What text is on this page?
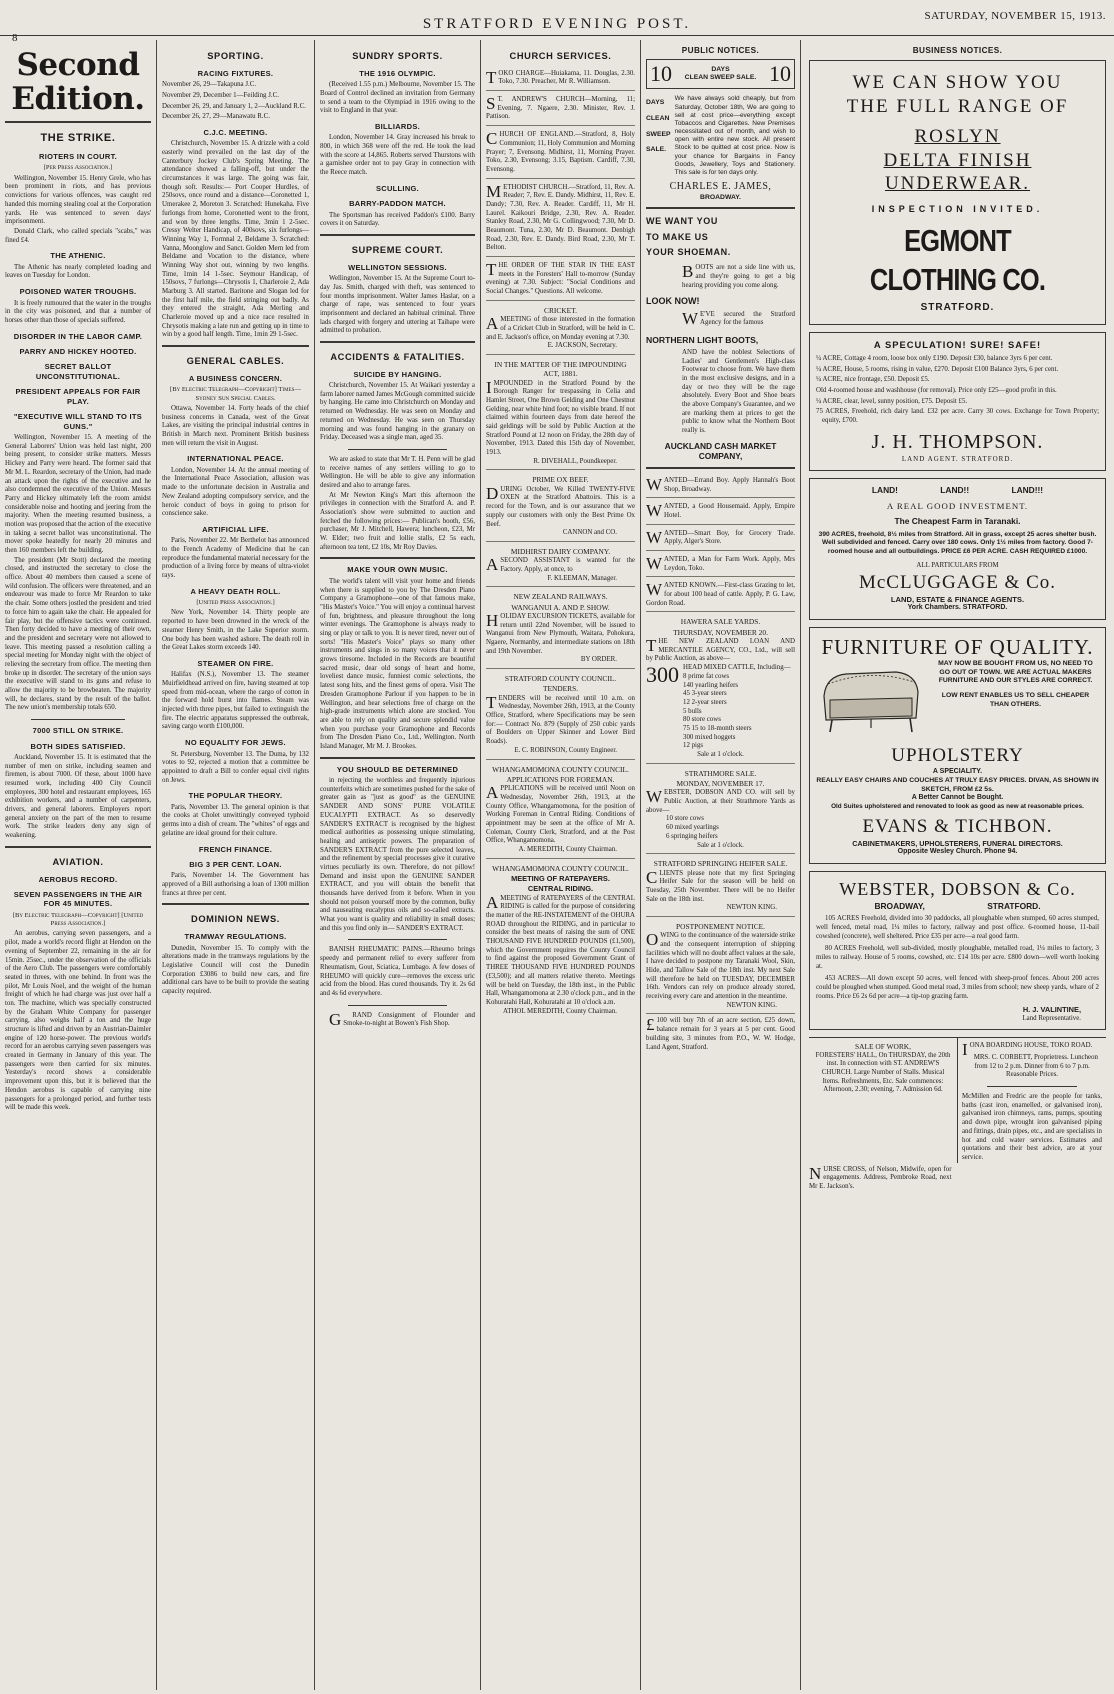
8
STRATFORD EVENING POST.	SATURDAY, NOVEMBER 15, 1913.
Second Edition.
THE STRIKE.
RIOTERS IN COURT.
[Per Press Association.]

Wellington, November 15. Henry Grele, who has been prominent in riots, and has previous convictions for various offences, was caught red handed this morning stealing coal at the Corporation yards. He was sentenced to seven days' imprisonment.

Donald Clark, who called specials "scabs," was fined £4.

THE ATHENIC.

The Athenic has nearly completed loading and leaves on Tuesday for London.

POISONED WATER TROUGHS.

It is freely rumoured that the water in the troughs in the city was poisoned, and that a number of horses other than those of specials suffered.

DISORDER IN THE LABOR CAMP.
PARRY AND HICKEY HOOTED.
SECRET BALLOT UNCONSTITUTIONAL.
PRESIDENT APPEALS FOR FAIR PLAY.
"EXECUTIVE WILL STAND TO ITS GUNS."

Wellington, November 15. A meeting of the General Laborers' Union was held last night, 200 being present, to consider strike matters. Messrs Hickey and Parry were heard. The former said that Mr M. L. Reardon, secretary of the Union, had made an attack upon the rights of the executive and he also condemned the executive of the Union. Messrs Parry and Hickey ultimately left the room amidst considerable noise and hooting and jeering from the majority. When the meeting resumed business, a motion was proposed that the action of the executive in taking a secret ballot was unconstitutional. The mover spoke heatedly for nearly 20 minutes and then 160 members left the building.

The president (Mr Stott) declared the meeting closed, and instructed the secretary to close the office. About 40 members then caused a scene of wild confusion. The officers were threatened, and an endeavour was made to force Mr Reardon to take the chair. Some others jostled the president and tried to force him to again take the chair. He appealed for fair play, but the offensive tactics were continued. Then forty decided to have a meeting of their own, and the president and secretary were not allowed to leave. This meeting passed a resolution calling a special meeting for Monday night with the object of relieving the secretary from office. The meeting then broke up in disorder. The secretary of the union says the executive will stand to its guns and refuse to allow the majority to be browbeaten. The majority will, he declares, stand by the result of the ballot. The new union's membership totals 650.

7000 STILL ON STRIKE.
BOTH SIDES SATISFIED.

Auckland, November 15. It is estimated that the number of men on strike, including seamen and firemen, is about 7000. Of these, about 1000 have resumed work, including 400 City Council employees, 300 hotel and restaurant employees, 165 exhibition workers, and a number of carpenters, drivers, and general laborers. Employers report general anxiety on the part of the men to resume work. The strike leaders deny any sign of weakening.

AVIATION.
AEROBUS RECORD.
SEVEN PASSENGERS IN THE AIR FOR 45 MINUTES.
[By Electric Telegraph—Copyright] [United Press Association.]

An aerobus, carrying seven passengers, and a pilot, made a world's record flight at Hendon on the evening of September 22, remaining in the air for 15min. 25sec., under the observation of the officials of the Aero Club. The passengers were comfortably seated in threes, with one behind. In front was the pilot, Mr Louis Noel, and the weight of the human freight of which he had charge was just over half a ton. The machine, which was specially constructed by the Graham White Company for passenger carrying, also weighs half a ton and the huge structure is lifted and driven by an Austrian-Daimler engine of 120 horse-power. The previous world's record for an aerobus carrying seven passengers was created in Germany in January of this year. The passengers were then carried for six minutes. Yesterday's record shows a considerable improvement upon this, but it is believed that the Hendon aerobus is capable of carrying nine passengers for a prolonged period, and further tests will be made this week.

SPORTING.
RACING FIXTURES.
November 26, 29—Takapuna J.C.
November 29, December 1—Feilding J.C.
December 26, 29, and January 1, 2—Auckland R.C.
December 26, 27, 29—Manawatu R.C.
C.J.C. MEETING.

Christchurch, November 15. A drizzle with a cold easterly wind prevailed on the last day of the Canterbury Jockey Club's Spring Meeting. The attendance showed a falling-off, but under the circumstances it was large. The going was fair, though soft. Results:— Port Cooper Hurdles, of 250sovs, once round and a distance—Coronetted 1, Umerakee 2, Moreton 3. Scratched: Hunekaha. Five furlongs from home, Coronetted went to the front, and won by three lengths. Time, 3min 1 2-5sec. Cressy Welter Handicap, of 400sovs, six furlongs—Winning Way 1, Formnal 2, Beldame 3. Scratched: Vanna, Moonglow and Sanct. Golden Mern led from Beldame and Vocation to the distance, where Winning Way shot out, winning by two lengths. Time, 1min 14 1-5sec. Seymour Handicap, of 150sovs, 7 furlongs—Chrysotis 1, Charleroie 2, Ada Marburg 3. All started. Baritone and Slogan led for the first half mile, the field stringing out badly. As they entered the straight, Ada Merling and Charleroie moved up and a nice race resulted in Chrysotis making a late run and getting up in time to win by a good half length. Time, 1min 29 1-5sec.

GENERAL CABLES.
A BUSINESS CONCERN.
[By Electric Telegraph—Copyright] Times—Sydney Sun Special Cables.

Ottawa, November 14. Forty heads of the chief business concerns in Canada, west of the Great Lakes, are visiting the principal industrial centres in British in March next. Prominent British business men will return the visit in August.

INTERNATIONAL PEACE.

London, November 14. At the annual meeting of the International Peace Association, allusion was made to the unfortunate decision in Australia and New Zealand adopting compulsory service, and the heroic conduct of boys in going to prison for conscience sake.

ARTIFICIAL LIFE.

Paris, November 22. Mr Berthelot has announced to the French Academy of Medicine that he can reproduce the fundamental material necessary for the production of a living force by means of ultra-violet rays.

A HEAVY DEATH ROLL.
[United Press Association.]

New York, November 14. Thirty people are reported to have been drowned in the wreck of the steamer Henry Smith, in the Lake Superior storm. One body has been washed ashore. The death roll in the Great Lakes storm exceeds 140.

STEAMER ON FIRE.

Halifax (N.S.), November 13. The steamer Muirfieldhead arrived on fire, having steamed at top speed from mid-ocean, where the cargo of cotton in the forward hold burst into flames. Steam was injected with three pipes, but failed to extinguish the fire. The electric apparatus suppressed the outbreak, saving cargo worth £100,000.

NO EQUALITY FOR JEWS.

St. Petersburg, November 13. The Duma, by 132 votes to 92, rejected a motion that a committee be appointed to draft a Bill to confer equal civil rights on Jews.

THE POPULAR THEORY.

Paris, November 13. The general opinion is that the cooks at Cholet unwittingly conveyed typhoid germs into a dish of cream. The "whites" of eggs and gelatine are ideal ground for their culture.

FRENCH FINANCE.
BIG 3 PER CENT. LOAN.

Paris, November 14. The Government has approved of a Bill authorising a loan of 1300 million francs at three per cent.

DOMINION NEWS.
TRAMWAY REGULATIONS.

Dunedin, November 15. To comply with the alterations made in the tramways regulations by the Legislative Council will cost the Dunedin Corporation £3086 to build new cars, and fire additional cars have to be built to provide the seating capacity required.

SUNDRY SPORTS.
THE 1916 OLYMPIC.

(Received 1.55 p.m.) Melbourne, November 15. The Board of Control declined an invitation from Germany to send a team to the Olympiad in 1916 owing to the visit to England in that year.

BILLIARDS.

London, November 14. Gray increased his break to 800, in which 368 were off the red. He took the lead with the score at 14,865. Roberts served Thurstons with a garnishee order not to pay Gray in connection with the Reece match.

SCULLING.
BARRY-PADDON MATCH.

The Sportsman has received Paddon's £100. Barry covers it on Saturday.

SUPREME COURT.
WELLINGTON SESSIONS.

Wellington, November 15. At the Supreme Court to-day Jas. Smith, charged with theft, was sentenced to four months imprisonment. Walter James Haslar, on a charge of rape, was sentenced to four years imprisonment and declared an habitual criminal. Three lads charged with forgery and uttering at Taihape were admitted to probation.

ACCIDENTS & FATALITIES.
SUICIDE BY HANGING.

Christchurch, November 15. At Waikari yesterday a farm laborer named James McGough committed suicide by hanging. He came into Christchurch on Monday and returned on Wednesday. He was seen on Monday and returned on Wednesday. He was seen on Thursday morning and was found hanging in the granary on Friday. Deceased was a single man, aged 35.

We are asked to state that Mr T. H. Penn will be glad to receive names of any settlers willing to go to Wellington. He will be able to give any information desired and also to arrange fares.

At Mr Newton King's Mart this afternoon the privileges in connection with the Stratford A. and P. Association's show were submitted to auction and fetched the following prices:— Publican's booth, £56, purchaser, Mr J. Mitchell, Hawera; luncheon, £23, Mr W. Elder; two fruit and lollie stalls, £2 5s each, afternoon tea tent, £2 10s, Mr Roy Davies.

MAKE YOUR OWN MUSIC.

The world's talent will visit your home and friends when there is supplied to you by The Dresden Piano Company a Gramophone—one of that famous make, "His Master's Voice." You will enjoy a continual harvest of fun, brightness, and pleasure throughout the long winter evenings. The Gramophone is always ready to sing or play or talk to you. It is never tired, never out of sorts! "His Master's Voice" plays so many other instruments and sings in so many voices that it never grows tiresome. Included in the Records are beautiful sacred music, dear old songs of heart and home, loveliest dance music, funniest comic selections, the latest song hits, and the finest gems of opera. Visit The Dresden Gramophone Parlour if you happen to be in Wellington, and hear selections free of charge on the high-grade instruments which alone are stocked. You are able to rely on quality and secure splendid value when you purchase your Gramophone and Records from The Dresden Piano Co., Ltd., Wellington. North Island Manager, Mr M. J. Brookes.

YOU SHOULD BE DETERMINED

in rejecting the worthless and frequently injurious counterfeits which are sometimes pushed for the sake of greater gain as "just as good" as the GENUINE SANDER AND SONS' PURE VOLATILE EUCALYPTI EXTRACT. As so deservedly SANDER'S EXTRACT is recognised by the highest medical authorities as possessing unique stimulating, healing and antiseptic powers. The preparation of SANDER'S EXTRACT from the pure selected leaves, and the refinement by special processes give it curative virtues peculiarly its own. Therefore, do not pillow! Demand and insist upon the GENUINE SANDER EXTRACT, and you will obtain the benefit that thousands have derived from it before. When in you should not poison yourself more by the common, bulky and nauseating eucalyptus oils and so-called extracts. What you want is quality and reliability in small doses; and this you find only in— SANDER'S EXTRACT.

BANISH RHEUMATIC PAINS.—Rheumo brings speedy and permanent relief to every sufferer from Rheumatism, Gout, Sciatica, Lumbago. A few doses of RHEUMO will quickly cure—removes the excess uric acid from the blood. Has cured thousands. Try it. 2s 6d and 4s 6d everywhere.

GRAND Consignment of Flounder and Smoke-to-night at Bowen's Fish Shop.

CHURCH SERVICES.

TOKO CHARGE—Huiakama, 11. Douglas, 2.30. Toko, 7.30. Preacher, Mr R. Williamson.

ST. ANDREW'S CHURCH—Morning, 11; Evening, 7. Ngaere, 2.30. Minister, Rev. J. Pattison.

CHURCH OF ENGLAND.—Stratford, 8, Holy Communion; 11, Holy Communion and Morning Prayer; 7, Evensong. Midhirst, 11, Morning Prayer. Toko, 2.30, Evensong; 3.15, Baptism. Cardiff, 7.30, Evensong.

METHODIST CHURCH.—Stratford, 11, Rev. A. Reader; 7, Rev. E. Dandy. Midhirst, 11, Rev. E. Dandy; 7.30, Rev. A. Reader. Cardiff, 11, Mr H. Laurel. Kaikouri Bridge, 2.30, Rev. A. Reader. Stanley Road, 2.30, Mr G. Collingwood; 7.30, Mr D. Beaumont. Tuna, 2.30, Mr D. Beaumont. Denbigh Road, 2.30, Rev. E. Dandy. Bird Road, 2.30, Mr T. Belton.

THE ORDER OF THE STAR IN THE EAST meets in the Foresters' Hall to-morrow (Sunday evening) at 7.30. Subject: "Social Conditions and Social Changes." Questions. All welcome.

CRICKET.

AMEETING of those interested in the formation of a Cricket Club in Stratford, will be held in C. and E. Jackson's office, on Monday evening at 7.30.

E. JACKSON, Secretary.
IN THE MATTER OF THE IMPOUNDING ACT, 1881.

IMPOUNDED in the Stratford Pound by the Borough Ranger for trespassing in Celia and Hamlet Street, One Brown Gelding and One Chestnut Gelding, near white hind foot; no visible brand. If not claimed within fourteen days from date hereof the said geldings will be sold by Public Auction at the Stratford Pound at 12 noon on Friday, the 28th day of November, 1913. Dated this 15th day of November, 1913.

R. DIVEHALL, Poundkeeper.
PRIME OX BEEF.

DURING October, We Killed TWENTY-FIVE OXEN at the Stratford Abattoirs. This is a record for the Town, and is our assurance that we supply our customers with only the Best Prime Ox Beef.

CANNON and CO.
MIDHIRST DAIRY COMPANY.

ASECOND ASSISTANT is wanted for the Factory. Apply, at once, to

F. KLEEMAN, Manager.
NEW ZEALAND RAILWAYS.
WANGANUI A. AND P. SHOW.

HOLIDAY EXCURSION TICKETS, available for return until 22nd November, will be issued to Wanganui from New Plymouth, Waitara, Pohokura, Ngaere, Normanby, and intermediate stations on 18th and 19th November.

BY ORDER.
STRATFORD COUNTY COUNCIL.
TENDERS.

TENDERS will be received until 10 a.m. on Wednesday, November 26th, 1913, at the County Office, Stratford, where Specifications may be seen for:— Contract No. 879 (Supply of 250 cubic yards of Boulders on Upper Skinner and Lower Bird Roads).

E. C. ROBINSON, County Engineer.
WHANGAMOMONA COUNTY COUNCIL.
APPLICATIONS FOR FOREMAN.

APPLICATIONS will be received until Noon on Wednesday, November 26th, 1913, at the County Office, Whangamomona, for the position of Working Foreman in Central Riding. Conditions of appointment may be seen at the office of Mr A. Coleman, County Clerk, Stratford, and at the Post Office, Whangamomona.

A. MEREDITH, County Chairman.
WHANGAMOMONA COUNTY COUNCIL.
MEETING OF RATEPAYERS.
CENTRAL RIDING.

AMEETING of RATEPAYERS of the CENTRAL RIDING is called for the purpose of considering the matter of the RE-INSTATEMENT of the OHURA ROAD throughout the RIDING, and in particular to consider the best means of raising the sum of ONE THOUSAND FIVE HUNDRED POUNDS (£1,500), which the Government requires the County Council to find against the proposed Government Grant of THREE THOUSAND FIVE HUNDRED POUNDS (£3,500); and all matters relative thereto. Meetings will be held on Tuesday, the 18th inst., in the Public Hall, Whangamomona at 2.30 o'clock p.m., and in the Kohuratahi Hall, Kohuratahi at 10 o'clock a.m.

ATHOL MEREDITH, County Chairman.
PUBLIC NOTICES.
10	DAYS
CLEAN SWEEP SALE. 10
DAYS
CLEAN
SWEEP
SALE.

We have always sold cheaply, but from Saturday, October 18th, We are going to sell at cost price—everything except Tobaccos and Cigarettes. New Premises necessitated out of month, and wish to open with entire new stock. All present Stock to be quitted at cost price. Now is your chance for Bargains in Fancy Goods, Jewellery, Toys and Stationery. This sale is for ten days only.

CHARLES E. JAMES,
BROADWAY.
WE WANT YOU
TO MAKE US
YOUR SHOEMAN.

BOOTS are not a side line with us, and they're going to get a big hearing providing you come along.

LOOK NOW!

WE'VE secured the Stratford Agency for the famous

NORTHERN LIGHT BOOTS,

AND have the noblest Selections of Ladies' and Gentlemen's High-class Footwear to choose from. We have them in the most exclusive designs, and in a day or two they will be the rage absolutely. Every Boot and Shoe bears the above Company's Guarantee, and we are marking them at prices to get the public to know what the Northern Boot really is.

AUCKLAND CASH MARKET COMPANY,

WANTED—Errand Boy. Apply Hannah's Boot Shop, Broadway.

WANTED, a Good Housemaid. Apply, Empire Hotel.

WANTED—Smart Boy, for Grocery Trade. Apply, Alger's Store.

WANTED, a Man for Farm Work. Apply, Mrs Leydon, Toko.

WANTED KNOWN.—First-class Grazing to let, for about 100 head of cattle. Apply, P. G. Law, Gordon Road.

HAWERA SALE YARDS.
THURSDAY, NOVEMBER 20.

THE NEW ZEALAND LOAN AND MERCANTILE AGENCY, CO., Ltd., will sell by Public Auction, as above—

300 HEAD MIXED CATTLE, Including—
8 prime fat cows
140 yearling heifers
45 3-year steers
12 2-year steers
5 bulls
80 store cows
75 15 to 18-month steers
300 mixed hoggets
12 pigs
Sale at 1 o'clock.
STRATHMORE SALE.
MONDAY, NOVEMBER 17.

WEBSTER, DOBSON AND CO. will sell by Public Auction, at their Strathmore Yards as above—

10 store cows
60 mixed yearlings
6 springing heifers
Sale at 1 o'clock.
STRATFORD SPRINGING HEIFER SALE.

CLIENTS please note that my first Springing Heifer Sale for the season will be held on Tuesday, 25th November. There will be no Heifer Sale on the 18th inst.

NEWTON KING.
POSTPONEMENT NOTICE.

OWING to the continuance of the waterside strike and the consequent interruption of shipping facilities which will no doubt affect values at the sale, I have decided to postpone my Taranaki Wool, Skin, Hide, and Tallow Sale of the 18th inst. My next Sale will therefore be held on TUESDAY, DECEMBER 16th. Vendors can rely on produce already stored, receiving every care and attention in the meantime.

NEWTON KING.

£100 will buy 7th of an acre section, £25 down, balance remain for 3 years at 5 per cent. Good building site, 3 minutes from P.O., W. W. Hodge, Land Agent, Stratford.

BUSINESS NOTICES.
WE CAN SHOW YOU
THE FULL RANGE OF
ROSLYN
DELTA FINISH
UNDERWEAR.
INSPECTION INVITED.
EGMONT CLOTHING CO.
STRATFORD.
A SPECULATION! SURE! SAFE!
¼ ACRE, Cottage 4 room, loose box only £190. Deposit £30, balance 3yrs 6 per cent.
¼ ACRE, House, 5 rooms, rising in value, £270. Deposit £100 Balance 3yrs, 6 per cent.
¼ ACRE, nice frontage, £50. Deposit £5.
Old 4-roomed house and washhouse (for removal). Price only £25—good profit in this.
¼ ACRE, clear, level, sunny position, £75. Deposit £5.
75 ACRES, Freehold, rich dairy land. £32 per acre. Carry 30 cows. Exchange for Town Property; equity, £700.
J. H. THOMPSON.
LAND AGENT. STRATFORD.
LAND! LAND!! LAND!!!
A REAL GOOD INVESTMENT.
The Cheapest Farm in Taranaki.

390 ACRES, freehold, 8½ miles from Stratford. All in grass, except 25 acres shelter bush. Well subdivided and fenced. Carry over 180 cows. Only 1½ miles from factory. Good 7-roomed house and all outbuildings. PRICE £6 PER ACRE. CASH REQUIRED £1000.

ALL PARTICULARS FROM
McCLUGGAGE & Co.
LAND, ESTATE & FINANCE AGENTS.
York Chambers. STRATFORD.
FURNITURE OF QUALITY.

MAY NOW BE BOUGHT FROM US, NO NEED TO GO OUT OF TOWN. WE ARE ACTUAL MAKERS FURNITURE AND OUR STYLES ARE CORRECT.

LOW RENT ENABLES US TO SELL CHEAPER THAN OTHERS.

UPHOLSTERY
A SPECIALITY.

REALLY EASY CHAIRS AND COUCHES AT TRULY EASY PRICES. DIVAN, AS SHOWN IN SKETCH, FROM £2 5s.

A Better Cannot be Bought.

Old Suites upholstered and renovated to look as good as new at reasonable prices.

EVANS & TICHBON.
CABINETMAKERS, UPHOLSTERERS, FUNERAL DIRECTORS.
Opposite Wesley Church. Phone 94.
WEBSTER, DOBSON & Co.
BROADWAY, STRATFORD.

105 ACRES Freehold, divided into 30 paddocks, all ploughable when stumped, 60 acres stumped, well fenced, metal road, 1¼ miles to factory, railway and post office. 6-roomed house, 11-bail cowshed (concrete), well sheltered. Price £35 per acre—a real good farm.

80 ACRES Freehold, well sub-divided, mostly ploughable, metalled road, 1¼ miles to factory, 3 miles to railway. House of 5 rooms, cowshed, etc. £14 10s per acre. £800 down—well worth looking at.

453 ACRES—All down except 50 acres, well fenced with sheep-proof fences. About 200 acres could be ploughed when stumped. Good metal road, 3 miles from school; new sheep yards, whare of 2 rooms. Price £6 2s 6d per acre—a tip-top grazing farm.

H. J. VALINTINE,
Land Representative.
SALE OF WORK,

FORESTERS' HALL, On THURSDAY, the 20th inst. In connection with ST. ANDREW'S CHURCH. Large Number of Stalls. Musical Items. Refreshments, Etc. Sale commences: Afternoon, 2.30; evening, 7. Admission 6d.

IONA BOARDING HOUSE, TOKO ROAD.

MRS. C. CORBETT, Proprietress. Luncheon from 12 to 2 p.m. Dinner from 6 to 7 p.m. Reasonable Prices.

McMillen and Fredric are the people for tanks, baths (cast iron, enamelled, or galvanised iron), galvanised iron chimneys, rams, pumps, spouting and down pipe, wrought iron galvanised piping and fittings, drain pipes, etc., and are specialists in hot and cold water services. Estimates and quotations and their best advice, are at your service.

NURSE CROSS, of Nelson, Midwife, open for engagements. Address, Pembroke Road, next Mr E. Jackson's.
